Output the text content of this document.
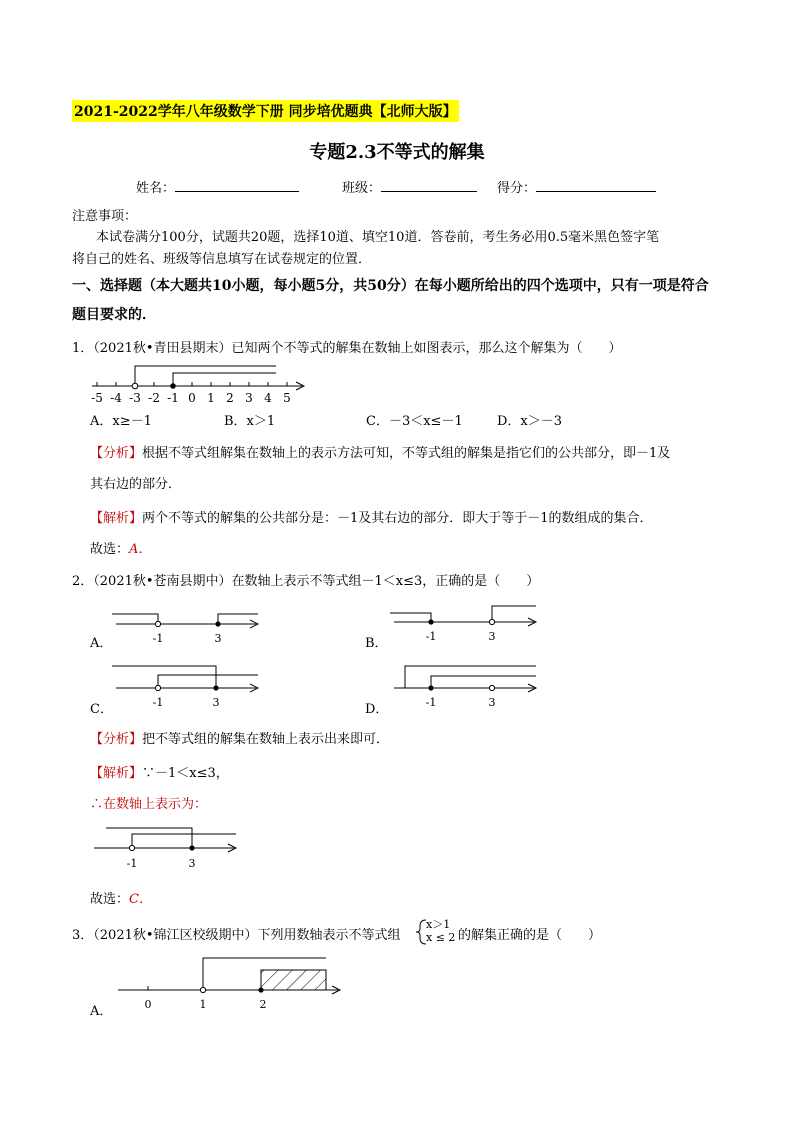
2021-2022学年八年级数学下册 同步培优题典【北师大版】
专题2.3不等式的解集
姓名：	班级：	得分：
注意事项：
本试卷满分100分，试题共20题，选择10道、填空10道．答卷前，考生务必用0.5毫米黑色签字笔
将自己的姓名、班级等信息填写在试卷规定的位置．
一、选择题（本大题共10小题，每小题5分，共50分）在每小题所给出的四个选项中，只有一项是符合
题目要求的．
1．（2021秋•青田县期末）已知两个不等式的解集在数轴上如图表示，那么这个解集为（　　）
-5 -4 -3 -2 -1 0 1 2 3 4 5
A．x≥－1	B．x＞1	C．－3＜x≤－1	D．x＞－3
【分析】根据不等式组解集在数轴上的表示方法可知，不等式组的解集是指它们的公共部分，即－1及
其右边的部分．
【解析】两个不等式的解集的公共部分是：－1及其右边的部分．即大于等于－1的数组成的集合．
故选：A．
2．（2021秋•苍南县期中）在数轴上表示不等式组－1＜x≤3，正确的是（　　）
A．	-1	3	B．	-1	3
C．	-1	3	D．	-1	3
【分析】把不等式组的解集在数轴上表示出来即可．
【解析】∵－1＜x≤3，
∴在数轴上表示为：
-1	3
故选：C．
3．（2021秋•锦江区校级期中）下列用数轴表示不等式组
x＞1
x ≤ 2 的解集正确的是（　　）
A．	0	1	2
